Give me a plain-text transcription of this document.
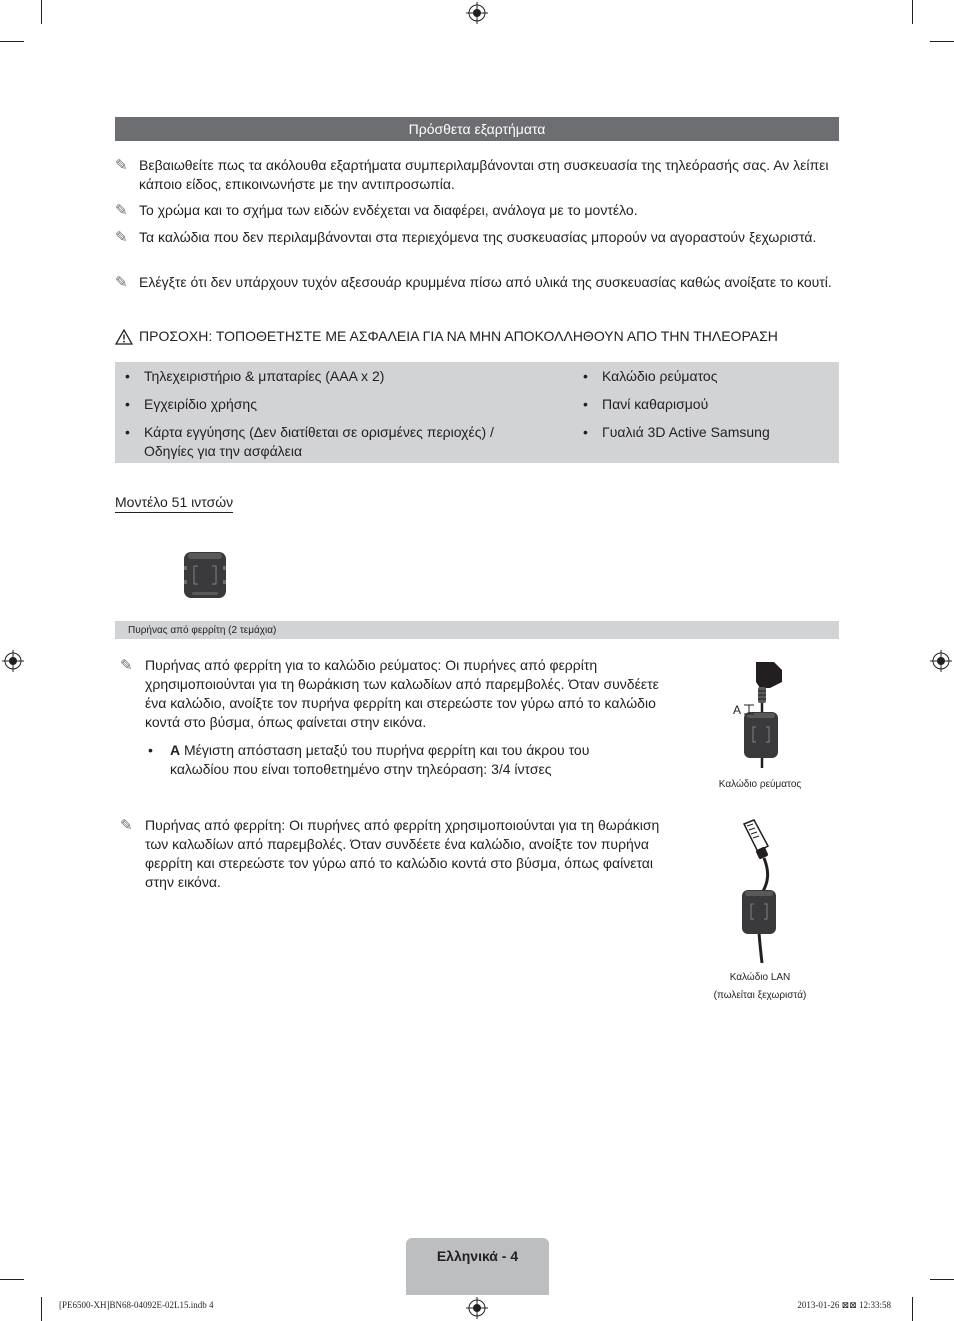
Πρόσθετα εξαρτήματα
✎ Βεβαιωθείτε πως τα ακόλουθα εξαρτήματα συμπεριλαμβάνονται στη συσκευασία της τηλεόρασής σας. Αν λείπει κάποιο είδος, επικοινωνήστε με την αντιπροσωπία.
✎ Το χρώμα και το σχήμα των ειδών ενδέχεται να διαφέρει, ανάλογα με το μοντέλο.
✎ Τα καλώδια που δεν περιλαμβάνονται στα περιεχόμενα της συσκευασίας μπορούν να αγοραστούν ξεχωριστά.
✎ Ελέγξτε ότι δεν υπάρχουν τυχόν αξεσουάρ κρυμμένα πίσω από υλικά της συσκευασίας καθώς ανοίξατε το κουτί.
ΠΡΟΣΟΧΗ: ΤΟΠΟΘΕΤΗΣΤΕ ΜΕ ΑΣΦΑΛΕΙΑ ΓΙΑ ΝΑ ΜΗΝ ΑΠΟΚΟΛΛΗΘΟΥΝ ΑΠΟ ΤΗΝ ΤΗΛΕΟΡΑΣΗ
•	Τηλεχειριστήριο & μπαταρίες (AAA x 2)
•	Εγχειρίδιο χρήσης
•	Κάρτα εγγύησης (Δεν διατίθεται σε ορισμένες περιοχές) / Οδηγίες για την ασφάλεια
•	Καλώδιο ρεύματος
•	Πανί καθαρισμού
•	Γυαλιά 3D Active Samsung
Μοντέλο 51 ιντσών
Πυρήνας από φερρίτη (2 τεμάχια)
✎ Πυρήνας από φερρίτη για το καλώδιο ρεύματος: Οι πυρήνες από φερρίτη χρησιμοποιούνται για τη θωράκιση των καλωδίων από παρεμβολές. Όταν συνδέετε ένα καλώδιο, ανοίξτε τον πυρήνα φερρίτη και στερεώστε τον γύρω από το καλώδιο κοντά στο βύσμα, όπως φαίνεται στην εικόνα.
•	A Μέγιστη απόσταση μεταξύ του πυρήνα φερρίτη και του άκρου του καλωδίου που είναι τοποθετημένο στην τηλεόραση: 3/4 ίντσες
A
Καλώδιο ρεύματος
✎ Πυρήνας από φερρίτη: Οι πυρήνες από φερρίτη χρησιμοποιούνται για τη θωράκιση των καλωδίων από παρεμβολές. Όταν συνδέετε ένα καλώδιο, ανοίξτε τον πυρήνα φερρίτη και στερεώστε τον γύρω από το καλώδιο κοντά στο βύσμα, όπως φαίνεται στην εικόνα.
Καλώδιο LAN
(πωλείται ξεχωριστά)
Ελληνικά - 4
[PE6500-XH]BN68-04092E-02L15.indb 4	2013-01-26 ⊠⊠ 12:33:58
